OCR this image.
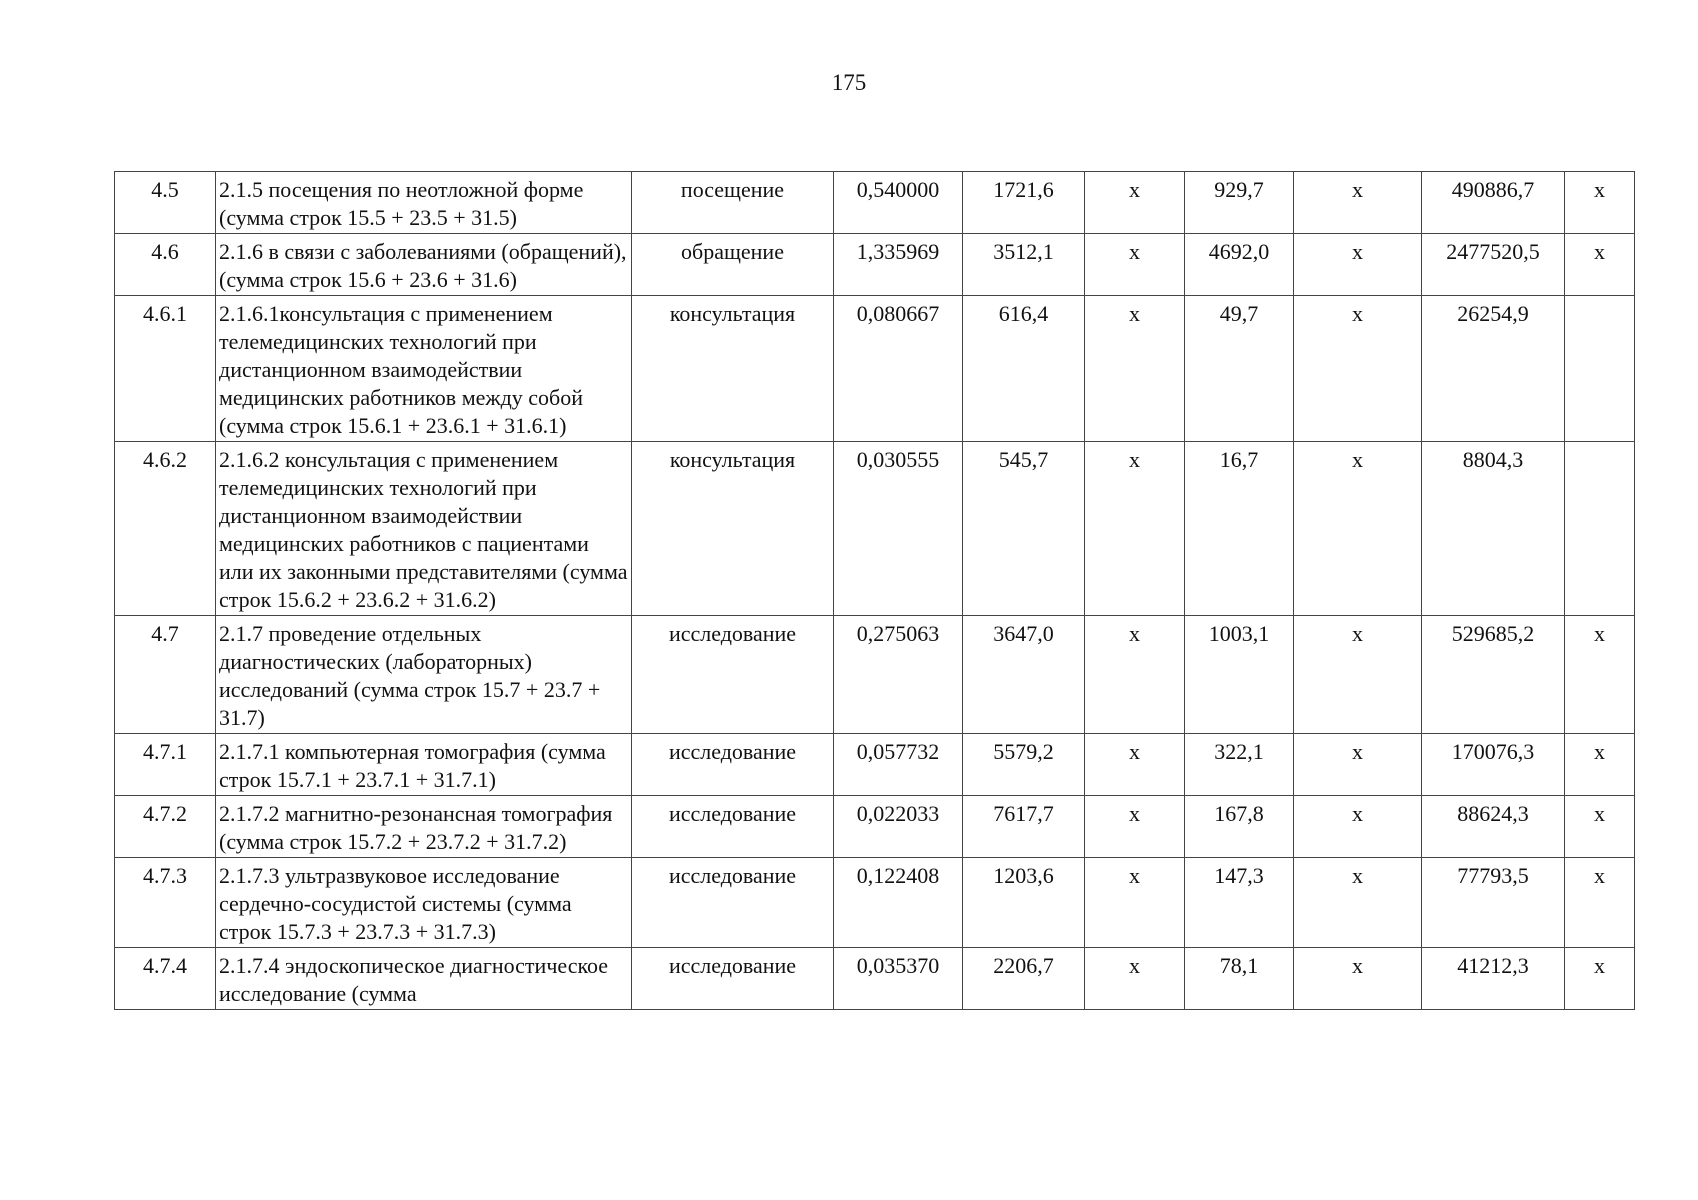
175
4.5	2.1.5 посещения по неотложной форме (сумма строк 15.5 + 23.5 + 31.5)	посещение	0,540000	1721,6	х	929,7	х	490886,7	х
4.6	2.1.6 в связи с заболеваниями (обращений), (сумма строк 15.6 + 23.6 + 31.6)	обращение	1,335969	3512,1	х	4692,0	х	2477520,5	х
4.6.1	2.1.6.1консультация с применением телемедицинских технологий при дистанционном взаимодействии медицинских работников между собой (сумма строк 15.6.1 + 23.6.1 + 31.6.1)	консультация	0,080667	616,4	х	49,7	х	26254,9	
4.6.2	2.1.6.2 консультация с применением телемедицинских технологий при дистанционном взаимодействии медицинских работников с пациентами или их законными представителями (сумма строк 15.6.2 + 23.6.2 + 31.6.2)	консультация	0,030555	545,7	х	16,7	х	8804,3	
4.7	2.1.7 проведение отдельных диагностических (лабораторных) исследований (сумма строк 15.7 + 23.7 + 31.7)	исследование	0,275063	3647,0	х	1003,1	х	529685,2	х
4.7.1	2.1.7.1 компьютерная томография (сумма строк 15.7.1 + 23.7.1 + 31.7.1)	исследование	0,057732	5579,2	х	322,1	х	170076,3	х
4.7.2	2.1.7.2 магнитно-резонансная томография (сумма строк 15.7.2 + 23.7.2 + 31.7.2)	исследование	0,022033	7617,7	х	167,8	х	88624,3	х
4.7.3	2.1.7.3 ультразвуковое исследование сердечно-сосудистой системы (сумма строк 15.7.3 + 23.7.3 + 31.7.3)	исследование	0,122408	1203,6	х	147,3	х	77793,5	х
4.7.4	2.1.7.4 эндоскопическое диагностическое исследование (сумма	исследование	0,035370	2206,7	х	78,1	х	41212,3	х
